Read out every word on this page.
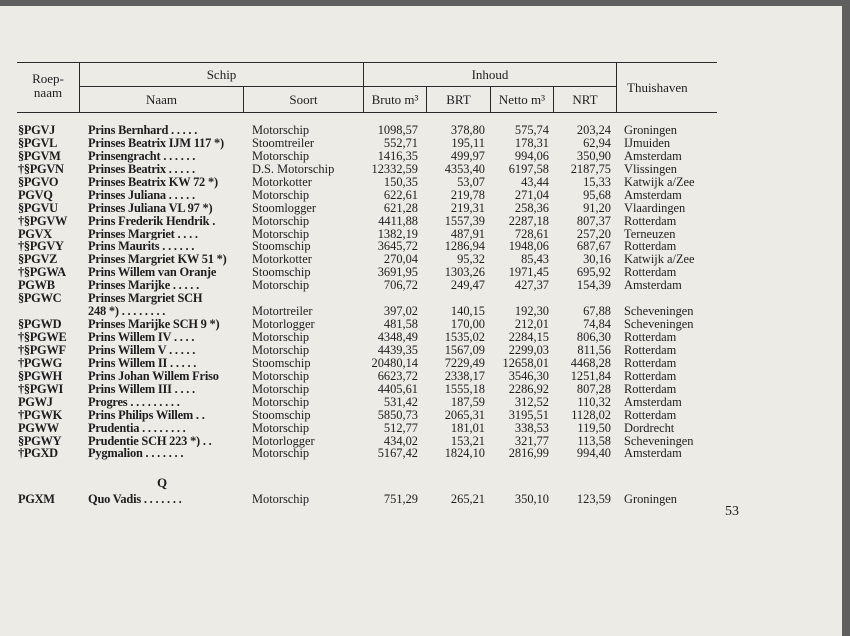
Roep-
naam
Schip	Inhoud
Naam	Soort	Bruto m³	BRT	Netto m³	NRT
Thuishaven
§PGVJ	Prins Bernhard . . . . .	Motorschip	1098,57	378,80 575,74 203,24 Groningen
§PGVL Prinses Beatrix IJM 117 *)	Stoomtreiler	552,71	195,11 178,31	62,94 IJmuiden
§PGVM Prinsengracht . . . . . .	Motorschip	1416,35	499,97 994,06 350,90 Amsterdam
†§PGVN Prinses Beatrix . . . . .	D.S. Motorschip	12332,59 4353,40 6197,58 2187,75 Vlissingen
§PGVO Prinses Beatrix KW 72 *)	Motorkotter	150,35	53,07	43,44	15,33 Katwijk a/Zee
PGVQ	Prinses Juliana . . . . .	Motorschip	622,61	219,78 271,04	95,68 Amsterdam
§PGVU Prinses Juliana VL 97 *)	Stoomlogger	621,28	219,31 258,36	91,20 Vlaardingen
†§PGVW Prins Frederik Hendrik .	Motorschip	4411,88 1557,39 2287,18 807,37 Rotterdam
PGVX	Prinses Margriet . . . .	Motorschip	1382,19	487,91 728,61 257,20 Terneuzen
†§PGVY Prins Maurits . . . . . .	Stoomschip	3645,72 1286,94 1948,06 687,67 Rotterdam
§PGVZ Prinses Margriet KW 51 *)	Motorkotter	270,04	95,32	85,43	30,16 Katwijk a/Zee
†§PGWA Prins Willem van Oranje	Stoomschip	3691,95 1303,26 1971,45 695,92 Rotterdam
PGWB	Prinses Marijke . . . . .	Motorschip	706,72	249,47 427,37 154,39 Amsterdam
§PGWC Prinses Margriet SCH
248 *) . . . . . . . .	Motortreiler	397,02	140,15 192,30	67,88 Scheveningen
§PGWD Prinses Marijke SCH 9 *)	Motorlogger	481,58	170,00 212,01	74,84 Scheveningen
†§PGWE Prins Willem IV . . . .	Motorschip	4348,49 1535,02 2284,15 806,30 Rotterdam
†§PGWF Prins Willem V . . . . .	Motorschip	4439,35 1567,09 2299,03 811,56 Rotterdam
†PGWG Prins Willem II . . . . .	Stoomschip	20480,14 7229,49 12658,01 4468,28 Rotterdam
§PGWH Prins Johan Willem Friso	Motorschip	6623,72 2338,17 3546,30 1251,84 Rotterdam
†§PGWI Prins Willem III . . . .	Motorschip	4405,61 1555,18 2286,92 807,28 Rotterdam
PGWJ	Progres . . . . . . . . .	Motorschip	531,42	187,59 312,52 110,32 Amsterdam
†PGWK Prins Philips Willem . .	Stoomschip	5850,73 2065,31 3195,51 1128,02 Rotterdam
PGWW Prudentia . . . . . . . .	Motorschip	512,77	181,01 338,53 119,50 Dordrecht
§PGWY Prudentie SCH 223 *) . .	Motorlogger	434,02	153,21 321,77 113,58 Scheveningen
†PGXD Pygmalion . . . . . . .	Motorschip	5167,42 1824,10 2816,99 994,40 Amsterdam
Q
PGXM	Quo Vadis . . . . . . .	Motorschip	751,29	265,21 350,10 123,59 Groningen
53
